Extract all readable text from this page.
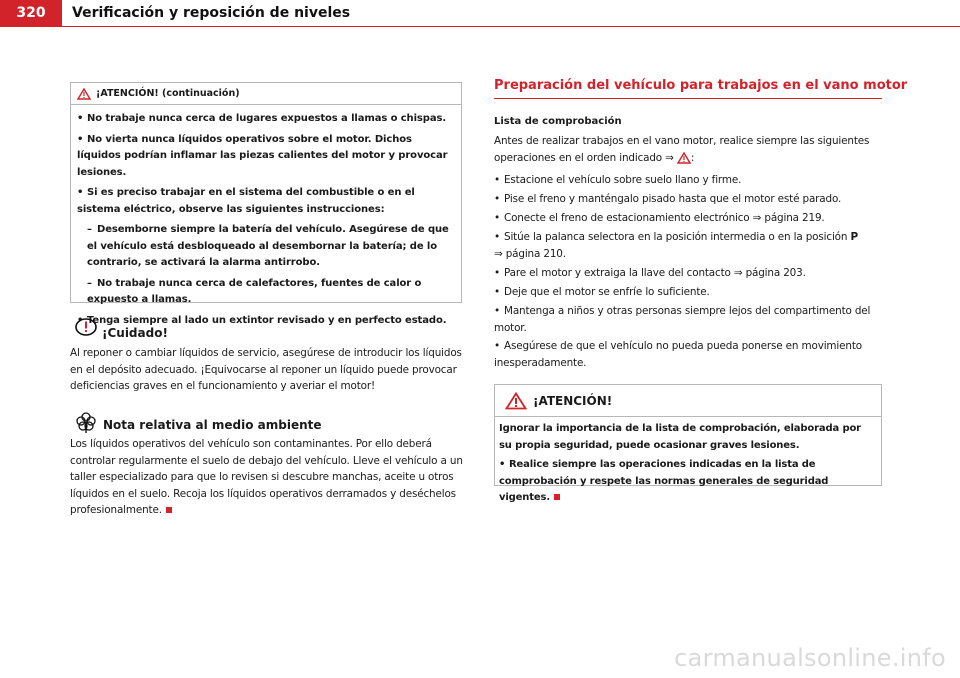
320	Verificación y reposición de niveles
¡ATENCIÓN! (continuación)

• No trabaje nunca cerca de lugares expuestos a llamas o chispas.

• No vierta nunca líquidos operativos sobre el motor. Dichos líquidos podrían inflamar las piezas calientes del motor y provocar lesiones.

• Si es preciso trabajar en el sistema del combustible o en el sistema eléctrico, observe las siguientes instrucciones:

– Desemborne siempre la batería del vehículo. Asegúrese de que el vehículo está desbloqueado al desembornar la batería; de lo contrario, se activará la alarma antirrobo.

– No trabaje nunca cerca de calefactores, fuentes de calor o expuesto a llamas.

• Tenga siempre al lado un extintor revisado y en perfecto estado.

¡Cuidado!
Al reponer o cambiar líquidos de servicio, asegúrese de introducir los líquidos en el depósito adecuado. ¡Equivocarse al reponer un líquido puede provocar deficiencias graves en el funcionamiento y averiar el motor!
Nota relativa al medio ambiente
Los líquidos operativos del vehículo son contaminantes. Por ello deberá controlar regularmente el suelo de debajo del vehículo. Lleve el vehículo a un taller especializado para que lo revisen si descubre manchas, aceite u otros líquidos en el suelo. Recoja los líquidos operativos derramados y deséchelos profesionalmente.
Preparación del vehículo para trabajos en el vano motor
Lista de comprobación
Antes de realizar trabajos en el vano motor, realice siempre las siguientes operaciones en el orden indicado ⇒ :
• Estacione el vehículo sobre suelo llano y firme.
• Pise el freno y manténgalo pisado hasta que el motor esté parado.
• Conecte el freno de estacionamiento electrónico ⇒ página 219.
• Sitúe la palanca selectora en la posición intermedia o en la posición P
⇒ página 210.
• Pare el motor y extraiga la llave del contacto ⇒ página 203.
• Deje que el motor se enfríe lo suficiente.
• Mantenga a niños y otras personas siempre lejos del compartimento del motor.
• Asegúrese de que el vehículo no pueda pueda ponerse en movimiento inesperadamente.
¡ATENCIÓN!

Ignorar la importancia de la lista de comprobación, elaborada por su propia seguridad, puede ocasionar graves lesiones.

• Realice siempre las operaciones indicadas en la lista de comprobación y respete las normas generales de seguridad vigentes.

carmanualsonline.info
